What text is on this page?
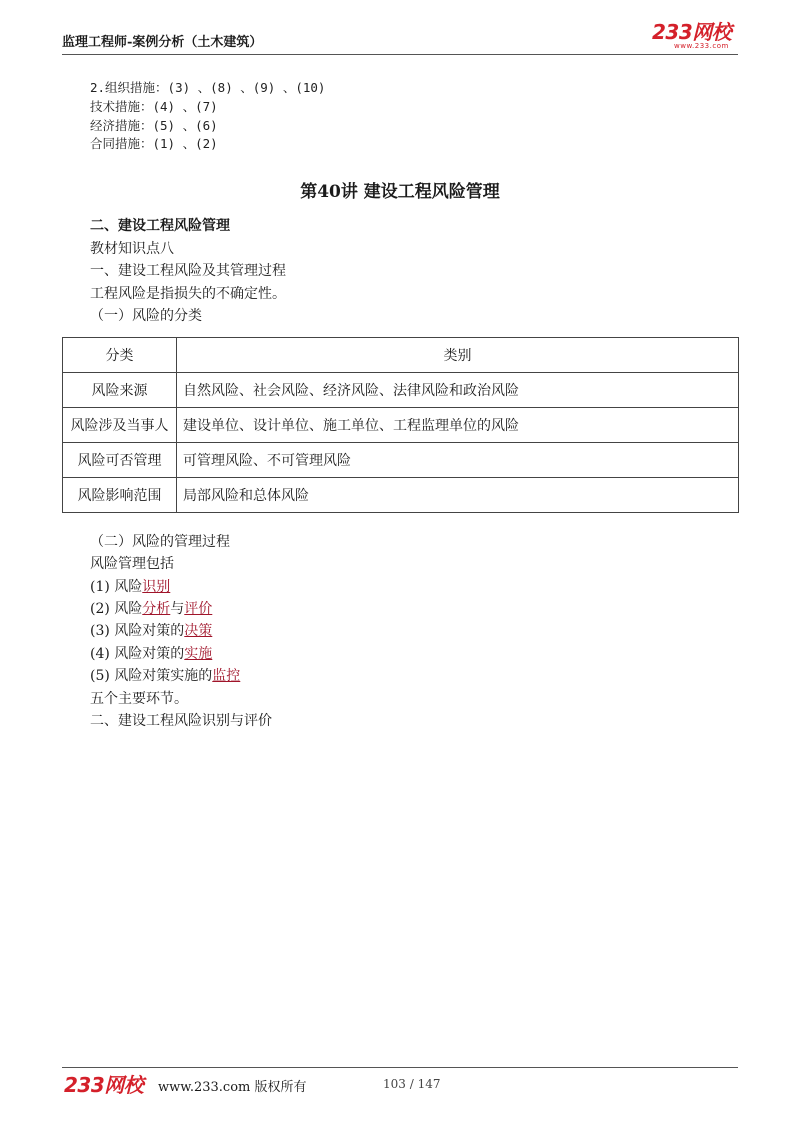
监理工程师-案例分析（土木建筑）	233网校
www.233.com
2.组织措施：(3) 、(8) 、(9) 、(10)
技术措施：(4) 、(7)
经济措施：(5) 、(6)
合同措施：(1) 、(2)
第40讲 建设工程风险管理
二、建设工程风险管理
教材知识点八
一、建设工程风险及其管理过程
工程风险是指损失的不确定性。
（一）风险的分类
分类	类别
风险来源	自然风险、社会风险、经济风险、法律风险和政治风险
风险涉及当事人	建设单位、设计单位、施工单位、工程监理单位的风险
风险可否管理	可管理风险、不可管理风险
风险影响范围	局部风险和总体风险
（二）风险的管理过程
风险管理包括
(1) 风险识别
(2) 风险分析与评价
(3) 风险对策的决策
(4) 风险对策的实施
(5) 风险对策实施的监控
五个主要环节。
二、建设工程风险识别与评价
233网校 www.233.com 版权所有	103 / 147
